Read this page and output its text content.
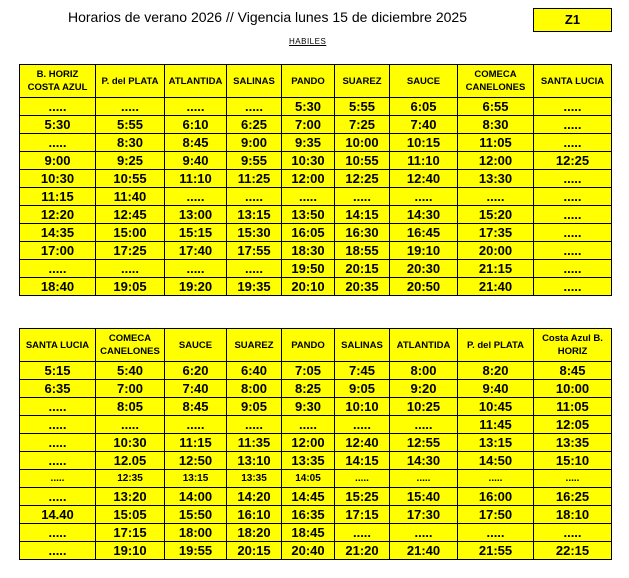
Horarios de verano 2026 // Vigencia lunes 15 de diciembre 2025	Z1
HABILES
B. HORIZ COSTA AZUL	P. del PLATA	ATLANTIDA	SALINAS	PANDO	SUAREZ	SAUCE	COMECA CANELONES	SANTA LUCIA
.....	.....	.....	.....	5:30	5:55	6:05	6:55	.....
5:30	5:55	6:10	6:25	7:00	7:25	7:40	8:30	.....
.....	8:30	8:45	9:00	9:35	10:00	10:15	11:05	.....
9:00	9:25	9:40	9:55	10:30	10:55	11:10	12:00	12:25
10:30	10:55	11:10	11:25	12:00	12:25	12:40	13:30	.....
11:15	11:40	.....	.....	.....	.....	.....	.....	.....
12:20	12:45	13:00	13:15	13:50	14:15	14:30	15:20	.....
14:35	15:00	15:15	15:30	16:05	16:30	16:45	17:35	.....
17:00	17:25	17:40	17:55	18:30	18:55	19:10	20:00	.....
.....	.....	.....	.....	19:50	20:15	20:30	21:15	.....
18:40	19:05	19:20	19:35	20:10	20:35	20:50	21:40	.....
SANTA LUCIA	COMECA CANELONES	SAUCE	SUAREZ	PANDO	SALINAS	ATLANTIDA	P. del PLATA	Costa Azul B. HORIZ
5:15	5:40	6:20	6:40	7:05	7:45	8:00	8:20	8:45
6:35	7:00	7:40	8:00	8:25	9:05	9:20	9:40	10:00
.....	8:05	8:45	9:05	9:30	10:10	10:25	10:45	11:05
.....	.....	.....	.....	.....	.....	.....	11:45	12:05
.....	10:30	11:15	11:35	12:00	12:40	12:55	13:15	13:35
.....	12.05	12:50	13:10	13:35	14:15	14:30	14:50	15:10
.....	12:35	13:15	13:35	14:05	.....	.....	.....	.....
.....	13:20	14:00	14:20	14:45	15:25	15:40	16:00	16:25
14.40	15:05	15:50	16:10	16:35	17:15	17:30	17:50	18:10
.....	17:15	18:00	18:20	18:45	.....	.....	.....	.....
.....	19:10	19:55	20:15	20:40	21:20	21:40	21:55	22:15
